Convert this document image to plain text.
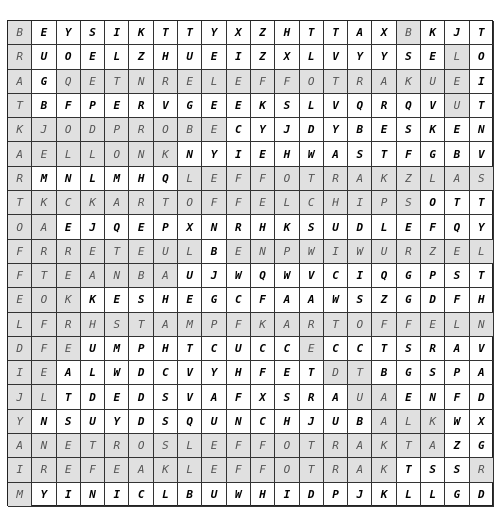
B	E	Y	S	I	K	T	T	Y	X	Z	H	T	T	A	X	B	K	J	T
R	U	O	E	L	Z	H	U	E	I	Z	X	L	V	Y	Y	S	E	L	O
A	G	Q	E	T	N	R	E	L	E	F	F	O	T	R	A	K	U	E	I
T	B	F	P	E	R	V	G	E	E	K	S	L	V	Q	R	Q	V	U	T
K	J	O	D	P	R	O	B	E	C	Y	J	D	Y	B	E	S	K	E	N
A	E	L	L	O	N	K	N	Y	I	E	H	W	A	S	T	F	G	B	V
R	M	N	L	M	H	Q	L	E	F	F	O	T	R	A	K	Z	L	A	S
T	K	C	K	A	R	T	O	F	F	E	L	C	H	I	P	S	O	T	T
O	A	E	J	Q	E	P	X	N	R	H	K	S	U	D	L	E	F	Q	Y
F	R	R	E	T	E	U	L	B	E	N	P	W	I	W	U	R	Z	E	L
F	T	E	A	N	B	A	U	J	W	Q	W	V	C	I	Q	G	P	S	T
E	O	K	K	E	S	H	E	G	C	F	A	A	W	S	Z	G	D	F	H
L	F	R	H	S	T	A	M	P	F	K	A	R	T	O	F	F	E	L	N
D	F	E	U	M	P	H	T	C	U	C	C	E	C	C	T	S	R	A	V
I	E	A	L	W	D	C	V	Y	H	F	E	T	D	T	B	G	S	P	A
J	L	T	D	E	D	S	V	A	F	X	S	R	A	U	A	E	N	F	D
Y	N	S	U	Y	D	S	Q	U	N	C	H	J	U	B	A	L	K	W	X
A	N	E	T	R	O	S	L	E	F	F	O	T	R	A	K	T	A	Z	G
I	R	E	F	E	A	K	L	E	F	F	O	T	R	A	K	T	S	S	R
M	Y	I	N	I	C	L	B	U	W	H	I	D	P	J	K	L	L	G	D
